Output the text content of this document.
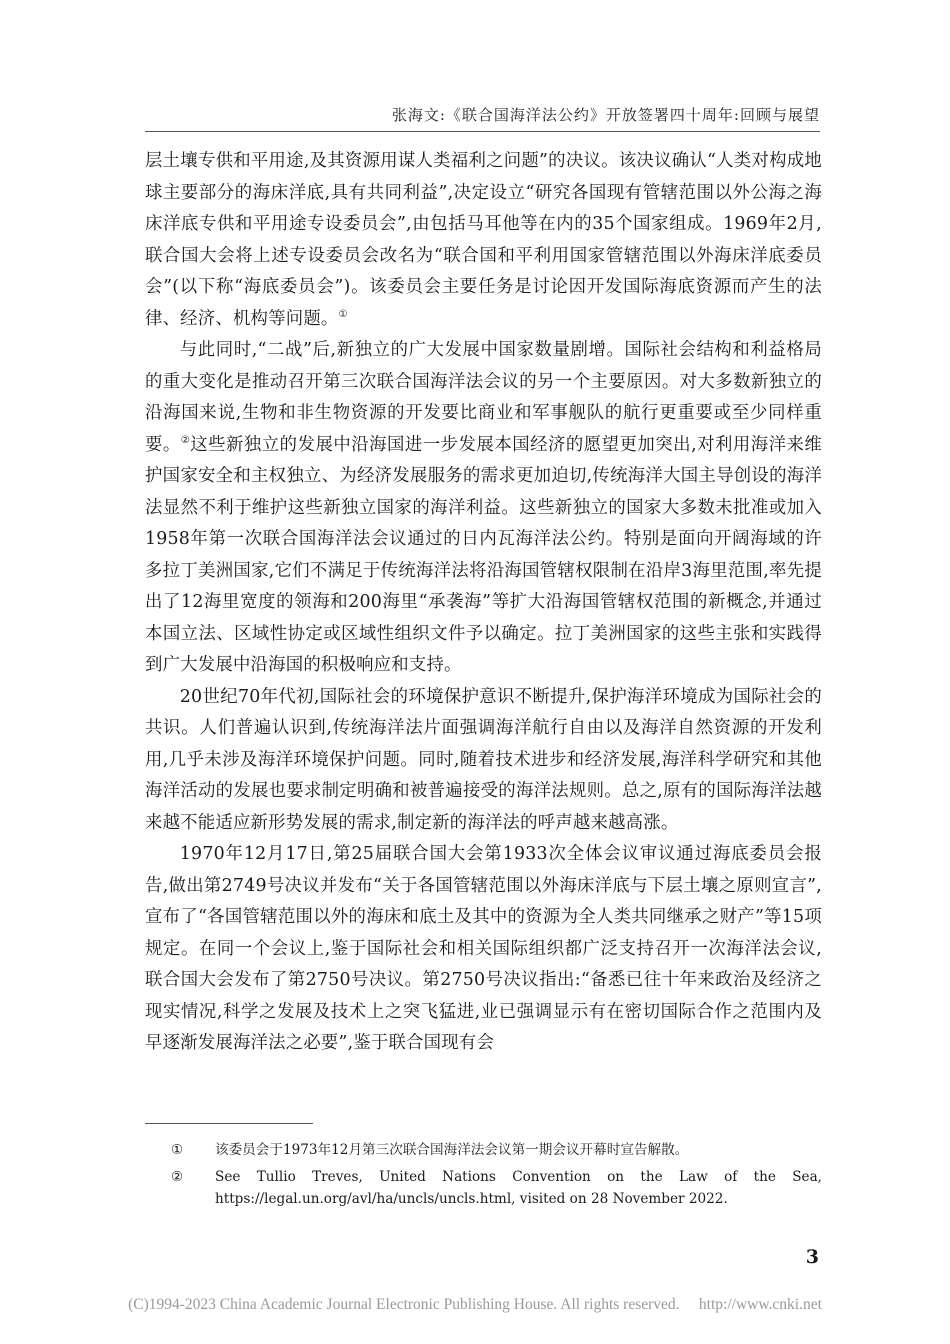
张海文:《联合国海洋法公约》开放签署四十周年:回顾与展望

层土壤专供和平用途,及其资源用谋人类福利之问题”的决议。该决议确认“人类对构成地球主要部分的海床洋底,具有共同利益”,决定设立“研究各国现有管辖范围以外公海之海床洋底专供和平用途专设委员会”,由包括马耳他等在内的35个国家组成。1969年2月,联合国大会将上述专设委员会改名为“联合国和平利用国家管辖范围以外海床洋底委员会”(以下称“海底委员会”)。该委员会主要任务是讨论因开发国际海底资源而产生的法律、经济、机构等问题。①

与此同时,“二战”后,新独立的广大发展中国家数量剧增。国际社会结构和利益格局的重大变化是推动召开第三次联合国海洋法会议的另一个主要原因。对大多数新独立的沿海国来说,生物和非生物资源的开发要比商业和军事舰队的航行更重要或至少同样重要。②这些新独立的发展中沿海国进一步发展本国经济的愿望更加突出,对利用海洋来维护国家安全和主权独立、为经济发展服务的需求更加迫切,传统海洋大国主导创设的海洋法显然不利于维护这些新独立国家的海洋利益。这些新独立的国家大多数未批准或加入1958年第一次联合国海洋法会议通过的日内瓦海洋法公约。特别是面向开阔海域的许多拉丁美洲国家,它们不满足于传统海洋法将沿海国管辖权限制在沿岸3海里范围,率先提出了12海里宽度的领海和200海里“承袭海”等扩大沿海国管辖权范围的新概念,并通过本国立法、区域性协定或区域性组织文件予以确定。拉丁美洲国家的这些主张和实践得到广大发展中沿海国的积极响应和支持。

20世纪70年代初,国际社会的环境保护意识不断提升,保护海洋环境成为国际社会的共识。人们普遍认识到,传统海洋法片面强调海洋航行自由以及海洋自然资源的开发利用,几乎未涉及海洋环境保护问题。同时,随着技术进步和经济发展,海洋科学研究和其他海洋活动的发展也要求制定明确和被普遍接受的海洋法规则。总之,原有的国际海洋法越来越不能适应新形势发展的需求,制定新的海洋法的呼声越来越高涨。

1970年12月17日,第25届联合国大会第1933次全体会议审议通过海底委员会报告,做出第2749号决议并发布“关于各国管辖范围以外海床洋底与下层土壤之原则宣言”,宣布了“各国管辖范围以外的海床和底土及其中的资源为全人类共同继承之财产”等15项规定。在同一个会议上,鉴于国际社会和相关国际组织都广泛支持召开一次海洋法会议,联合国大会发布了第2750号决议。第2750号决议指出:“备悉已往十年来政治及经济之现实情况,科学之发展及技术上之突飞猛进,业已强调显示有在密切国际合作之范围内及早逐渐发展海洋法之必要”,鉴于联合国现有会

①	该委员会于1973年12月第三次联合国海洋法会议第一期会议开幕时宣告解散。
②	See Tullio Treves, United Nations Convention on the Law of the Sea, https://legal.un.org/avl/ha/uncls/uncls.html, visited on 28 November 2022.
3
(C)1994-2023 China Academic Journal Electronic Publishing House. All rights reserved.     http://www.cnki.net
